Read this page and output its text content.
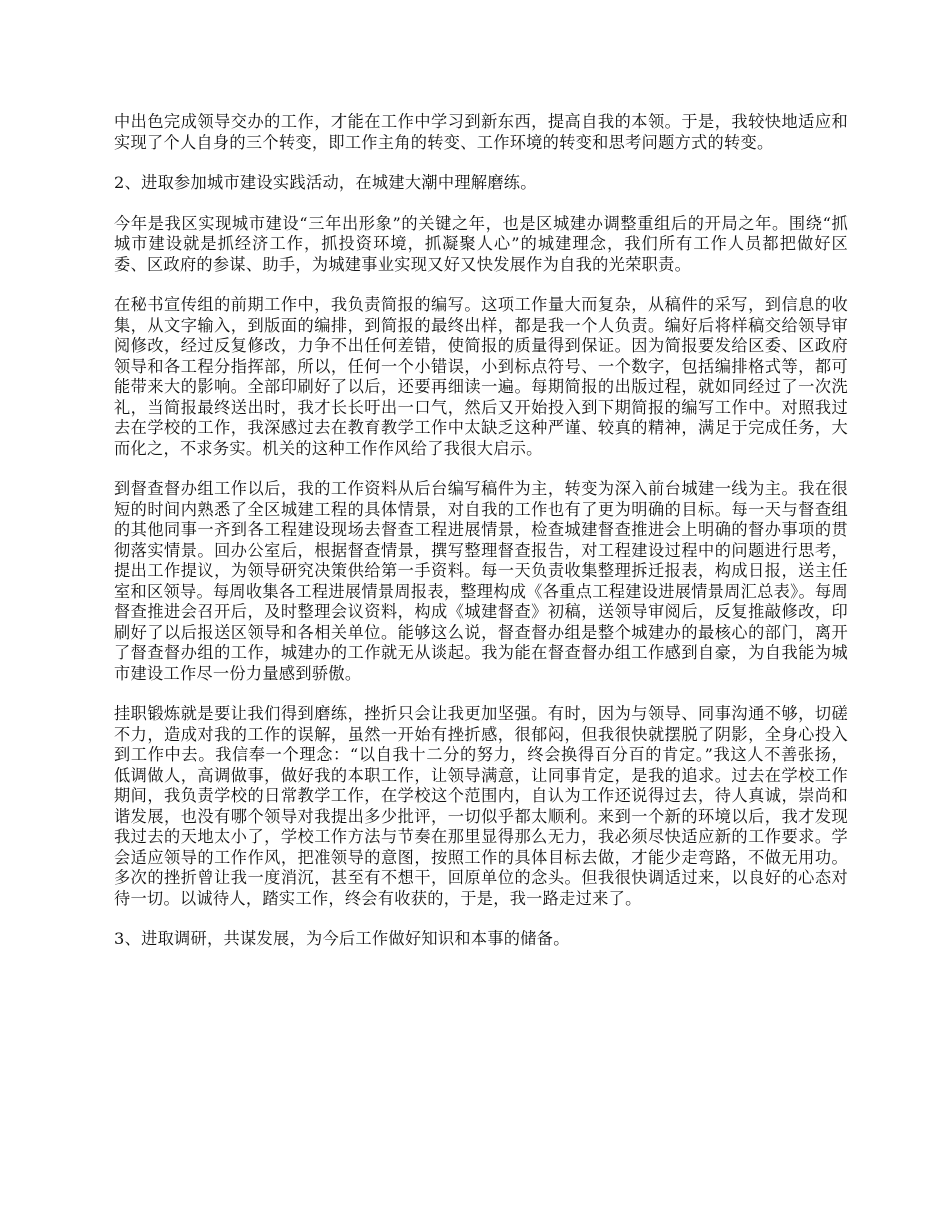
中出色完成领导交办的工作，才能在工作中学习到新东西，提高自我的本领。于是，我较快地适应和实现了个人自身的三个转变，即工作主角的转变、工作环境的转变和思考问题方式的转变。

2、进取参加城市建设实践活动，在城建大潮中理解磨练。

今年是我区实现城市建设“三年出形象”的关键之年，也是区城建办调整重组后的开局之年。围绕“抓城市建设就是抓经济工作，抓投资环境，抓凝聚人心”的城建理念，我们所有工作人员都把做好区委、区政府的参谋、助手，为城建事业实现又好又快发展作为自我的光荣职责。

在秘书宣传组的前期工作中，我负责简报的编写。这项工作量大而复杂，从稿件的采写，到信息的收集，从文字输入，到版面的编排，到简报的最终出样，都是我一个人负责。编好后将样稿交给领导审阅修改，经过反复修改，力争不出任何差错，使简报的质量得到保证。因为简报要发给区委、区政府领导和各工程分指挥部，所以，任何一个小错误，小到标点符号、一个数字，包括编排格式等，都可能带来大的影响。全部印刷好了以后，还要再细读一遍。每期简报的出版过程，就如同经过了一次洗礼，当简报最终送出时，我才长长吁出一口气，然后又开始投入到下期简报的编写工作中。对照我过去在学校的工作，我深感过去在教育教学工作中太缺乏这种严谨、较真的精神，满足于完成任务，大而化之，不求务实。机关的这种工作作风给了我很大启示。

到督查督办组工作以后，我的工作资料从后台编写稿件为主，转变为深入前台城建一线为主。我在很短的时间内熟悉了全区城建工程的具体情景，对自我的工作也有了更为明确的目标。每一天与督查组的其他同事一齐到各工程建设现场去督查工程进展情景，检查城建督查推进会上明确的督办事项的贯彻落实情景。回办公室后，根据督查情景，撰写整理督查报告，对工程建设过程中的问题进行思考，提出工作提议，为领导研究决策供给第一手资料。每一天负责收集整理拆迁报表，构成日报，送主任室和区领导。每周收集各工程进展情景周报表，整理构成《各重点工程建设进展情景周汇总表》。每周督查推进会召开后，及时整理会议资料，构成《城建督查》初稿，送领导审阅后，反复推敲修改，印刷好了以后报送区领导和各相关单位。能够这么说，督查督办组是整个城建办的最核心的部门，离开了督查督办组的工作，城建办的工作就无从谈起。我为能在督查督办组工作感到自豪，为自我能为城市建设工作尽一份力量感到骄傲。

挂职锻炼就是要让我们得到磨练，挫折只会让我更加坚强。有时，因为与领导、同事沟通不够，切磋不力，造成对我的工作的误解，虽然一开始有挫折感，很郁闷，但我很快就摆脱了阴影，全身心投入到工作中去。我信奉一个理念：“以自我十二分的努力，终会换得百分百的肯定。”我这人不善张扬，低调做人，高调做事，做好我的本职工作，让领导满意，让同事肯定，是我的追求。过去在学校工作期间，我负责学校的日常教学工作，在学校这个范围内，自认为工作还说得过去，待人真诚，崇尚和谐发展，也没有哪个领导对我提出多少批评，一切似乎都太顺利。来到一个新的环境以后，我才发现我过去的天地太小了，学校工作方法与节奏在那里显得那么无力，我必须尽快适应新的工作要求。学会适应领导的工作作风，把准领导的意图，按照工作的具体目标去做，才能少走弯路，不做无用功。多次的挫折曾让我一度消沉，甚至有不想干，回原单位的念头。但我很快调适过来，以良好的心态对待一切。以诚待人，踏实工作，终会有收获的，于是，我一路走过来了。

3、进取调研，共谋发展，为今后工作做好知识和本事的储备。
